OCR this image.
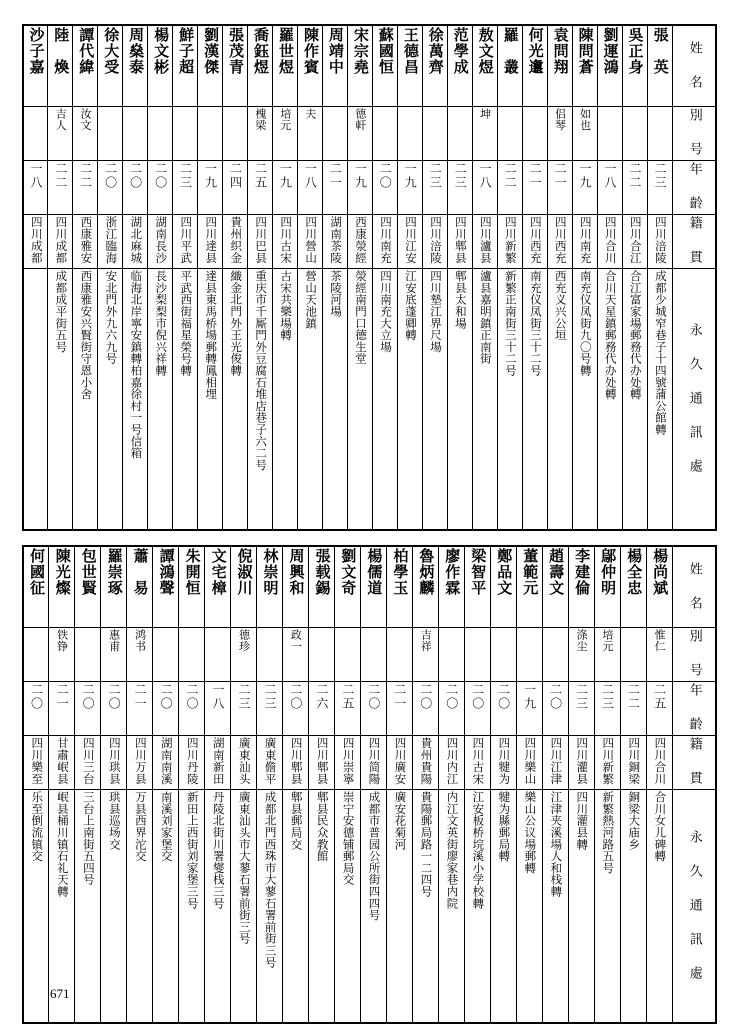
沙子嘉	陸　煥	譚代緯	徐大受	周燊泰	楊文彬	鮮子超	劉漢傑	張茂青	喬鈺煜	羅世煜	陳作賓	周靖中	宋宗堯	蘇國恒	王德昌	徐萬齊	范學成	敖文煜	羅　叢	何光邍	袁問翔	陳問蒼	劉運鴻	吳正身	張　英	姓　名

	吉人	汝文							槐梁	培元	夫		德軒					坤			侣琴	如也				別　号

一八	二二	二二	二〇	二〇	二〇	二三	一九	二四	二五	一九	一八	二一	一九	二〇	一九	二三	二三	一八	二二	二一	二一	一九	一八	二二	二三	年　齡

四川成都	四川成都	西康雅安	浙江臨海	湖北麻城	湖南長沙	四川平武	四川達县	貴州织金	四川巴县	四川古宋	四川營山	湖南茶陵	西康滎經	四川南充	四川江安	四川涪陵	四川郫县	四川瀘县	四川新繁	四川西充	四川西充	四川南充	四川合川	四川合江	四川涪陵	籍　貫

	成都成平街五号	西康雅安兴賢街守恩小舍	安北門外九六九号	临海北岸寧安鎮轉柏嘉徐村一号信箱	長沙梨梨市倪兴祥轉	平武西街福星榮号轉	達县東馬桥場郵轉鳳相埋	織金北門外王光俊轉	重庆市千厮門外豆腐石堆店巷子六二号	古宋共樂場轉	營山天池鎮	茶陵河場	滎經南門口德生堂	四川南充大立場	江安底蓬卿轉	四川墊江界尺場	郫县太和場	瀘县嘉明鎮正南街	新繁正南街三十二号	南充仪凤街三十二号	西充义兴公垣	南充仪凤街九〇号轉	合川天星鎮郵務代办处轉	合江富家場郵務代办处轉	成都少城窄巷子十四號蒲公館轉	永　久　通　訊　處
何國征	陳光燦	包世賢	羅崇琢	蕭　易	譚鴻聲	朱開恒	文宅樟	倪淑川	林崇明	周興和	張载錫	劉文奇	楊儒道	柏學玉	魯炳麟	廖作霖	梁智平	鄭品文	董範元	趙壽文	李建倫	鄔仲明	楊全忠	楊尚斌	姓　名

	铁铮		惠甫	鸿书				德珍		政一					吉祥						涤尘	培元		惟仁	別　号

二〇	二一	二〇	二〇	二一	二〇	二〇	一八	二三	二三	二〇	二六	二五	二〇	二一	二〇	二〇	二〇	二〇	一九	二〇	二三	二三	二二	二五	年　齡

四川樂至	甘肅岷县	四川三台	四川珙县	四川万县	湖南南溪	四川丹陵	湖南新田	廣東汕头	廣東儋平	四川郫县	四川郫县	四川崇寧	四川简陽	四川廣安	貴州貴陽	四川内江	四川古宋	四川犍为	四川樂山	四川江津	四川灌县	四川新繁	四川銅梁	四川合川	籍　貫

乐至倒流镇交	岷县桶川镇石礼天轉	三台上南街五四号	珙县巡场交	万县西界沱交	南溪刘家堡交	新田上西街刘家堡三号	丹陵北街川署燮栈三号	廣東汕头市大蓼石署前街三号	成都北門西珠市大蓼石署前街三号	郫县郵局交	郫县民众教館	崇宁安德铺郵局交	成都市普园公所街四四号	廣安花菊河	貴陽郵局路一二四号	内江文英街廖家巷内院	江安板桥垸溪小学校轉	犍为縣郵局轉	樂山公议場郵轉	江津夹溪場人和栈轉	四川灌县轉	新繁熱河路五号	銅梁大庙乡	合川女儿碑轉	永　久　通　訊　處
671
